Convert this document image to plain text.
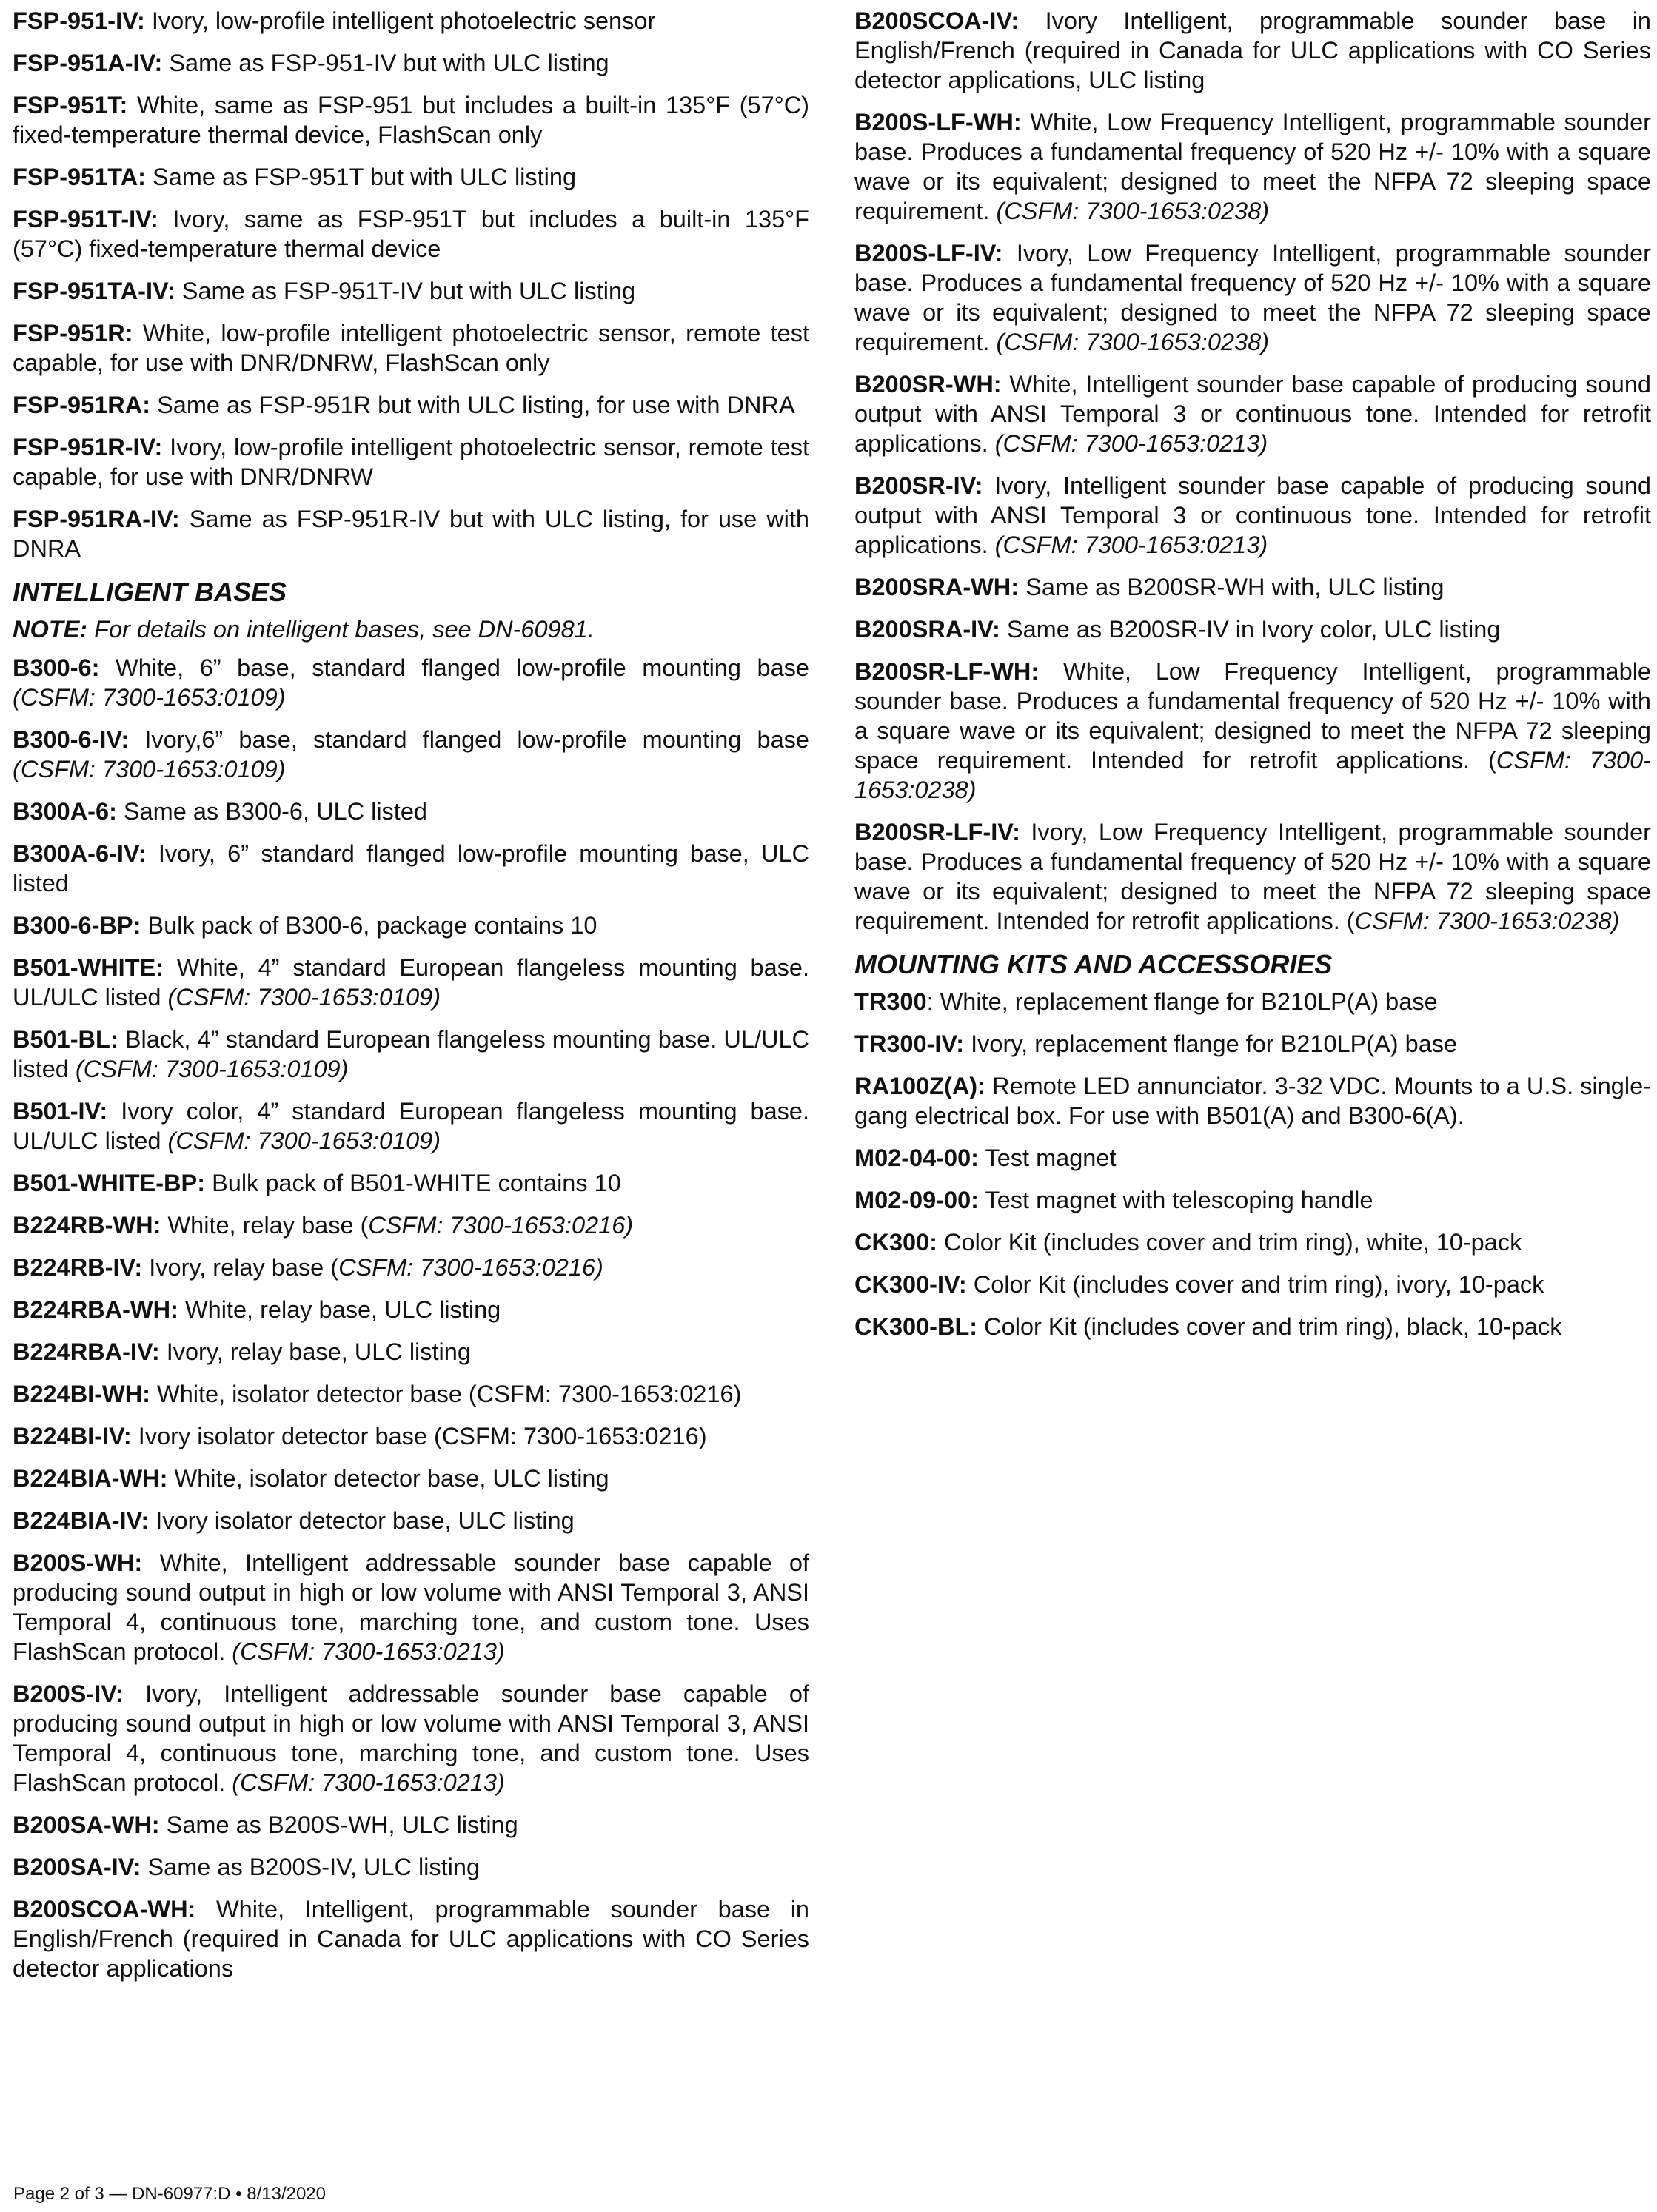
FSP-951-IV: Ivory, low-profile intelligent photoelectric sensor
FSP-951A-IV: Same as FSP-951-IV but with ULC listing
FSP-951T: White, same as FSP-951 but includes a built-in 135°F (57°C) fixed-temperature thermal device, FlashScan only
FSP-951TA: Same as FSP-951T but with ULC listing
FSP-951T-IV: Ivory, same as FSP-951T but includes a built-in 135°F (57°C) fixed-temperature thermal device
FSP-951TA-IV: Same as FSP-951T-IV but with ULC listing
FSP-951R: White, low-profile intelligent photoelectric sensor, remote test capable, for use with DNR/DNRW, FlashScan only
FSP-951RA: Same as FSP-951R but with ULC listing, for use with DNRA
FSP-951R-IV: Ivory, low-profile intelligent photoelectric sensor, remote test capable, for use with DNR/DNRW
FSP-951RA-IV: Same as FSP-951R-IV but with ULC listing, for use with DNRA
INTELLIGENT BASES
NOTE: For details on intelligent bases, see DN-60981.
B300-6: White, 6” base, standard flanged low-profile mounting base (CSFM: 7300-1653:0109)
B300-6-IV: Ivory,6” base, standard flanged low-profile mounting base (CSFM: 7300-1653:0109)
B300A-6: Same as B300-6, ULC listed
B300A-6-IV: Ivory, 6” standard flanged low-profile mounting base, ULC listed
B300-6-BP: Bulk pack of B300-6, package contains 10
B501-WHITE: White, 4” standard European flangeless mounting base. UL/ULC listed (CSFM: 7300-1653:0109)
B501-BL: Black, 4” standard European flangeless mounting base. UL/ULC listed (CSFM: 7300-1653:0109)
B501-IV: Ivory color, 4” standard European flangeless mounting base. UL/ULC listed (CSFM: 7300-1653:0109)
B501-WHITE-BP: Bulk pack of B501-WHITE contains 10
B224RB-WH: White, relay base (CSFM: 7300-1653:0216)
B224RB-IV: Ivory, relay base (CSFM: 7300-1653:0216)
B224RBA-WH: White, relay base, ULC listing
B224RBA-IV: Ivory, relay base, ULC listing
B224BI-WH: White, isolator detector base (CSFM: 7300-1653:0216)
B224BI-IV: Ivory isolator detector base (CSFM: 7300-1653:0216)
B224BIA-WH: White, isolator detector base, ULC listing
B224BIA-IV: Ivory isolator detector base, ULC listing
B200S-WH: White, Intelligent addressable sounder base capable of producing sound output in high or low volume with ANSI Temporal 3, ANSI Temporal 4, continuous tone, marching tone, and custom tone. Uses FlashScan protocol. (CSFM: 7300-1653:0213)
B200S-IV: Ivory, Intelligent addressable sounder base capable of producing sound output in high or low volume with ANSI Temporal 3, ANSI Temporal 4, continuous tone, marching tone, and custom tone. Uses FlashScan protocol. (CSFM: 7300-1653:0213)
B200SA-WH: Same as B200S-WH, ULC listing
B200SA-IV: Same as B200S-IV, ULC listing
B200SCOA-WH: White, Intelligent, programmable sounder base in English/French (required in Canada for ULC applications with CO Series detector applications
B200SCOA-IV: Ivory Intelligent, programmable sounder base in English/French (required in Canada for ULC applications with CO Series detector applications, ULC listing
B200S-LF-WH: White, Low Frequency Intelligent, programmable sounder base. Produces a fundamental frequency of 520 Hz +/- 10% with a square wave or its equivalent; designed to meet the NFPA 72 sleeping space requirement. (CSFM: 7300-1653:0238)
B200S-LF-IV: Ivory, Low Frequency Intelligent, programmable sounder base. Produces a fundamental frequency of 520 Hz +/- 10% with a square wave or its equivalent; designed to meet the NFPA 72 sleeping space requirement. (CSFM: 7300-1653:0238)
B200SR-WH: White, Intelligent sounder base capable of producing sound output with ANSI Temporal 3 or continuous tone. Intended for retrofit applications. (CSFM: 7300-1653:0213)
B200SR-IV: Ivory, Intelligent sounder base capable of producing sound output with ANSI Temporal 3 or continuous tone. Intended for retrofit applications. (CSFM: 7300-1653:0213)
B200SRA-WH: Same as B200SR-WH with, ULC listing
B200SRA-IV: Same as B200SR-IV in Ivory color, ULC listing
B200SR-LF-WH: White, Low Frequency Intelligent, programmable sounder base. Produces a fundamental frequency of 520 Hz +/- 10% with a square wave or its equivalent; designed to meet the NFPA 72 sleeping space requirement. Intended for retrofit applications. (CSFM: 7300-1653:0238)
B200SR-LF-IV: Ivory, Low Frequency Intelligent, programmable sounder base. Produces a fundamental frequency of 520 Hz +/- 10% with a square wave or its equivalent; designed to meet the NFPA 72 sleeping space requirement. Intended for retrofit applications. (CSFM: 7300-1653:0238)
MOUNTING KITS AND ACCESSORIES
TR300: White, replacement flange for B210LP(A) base
TR300-IV: Ivory, replacement flange for B210LP(A) base
RA100Z(A): Remote LED annunciator. 3-32 VDC. Mounts to a U.S. single-gang electrical box. For use with B501(A) and B300-6(A).
M02-04-00: Test magnet
M02-09-00: Test magnet with telescoping handle
CK300: Color Kit (includes cover and trim ring), white, 10-pack
CK300-IV: Color Kit (includes cover and trim ring), ivory, 10-pack
CK300-BL: Color Kit (includes cover and trim ring), black, 10-pack
Page 2 of 3 — DN-60977:D • 8/13/2020
